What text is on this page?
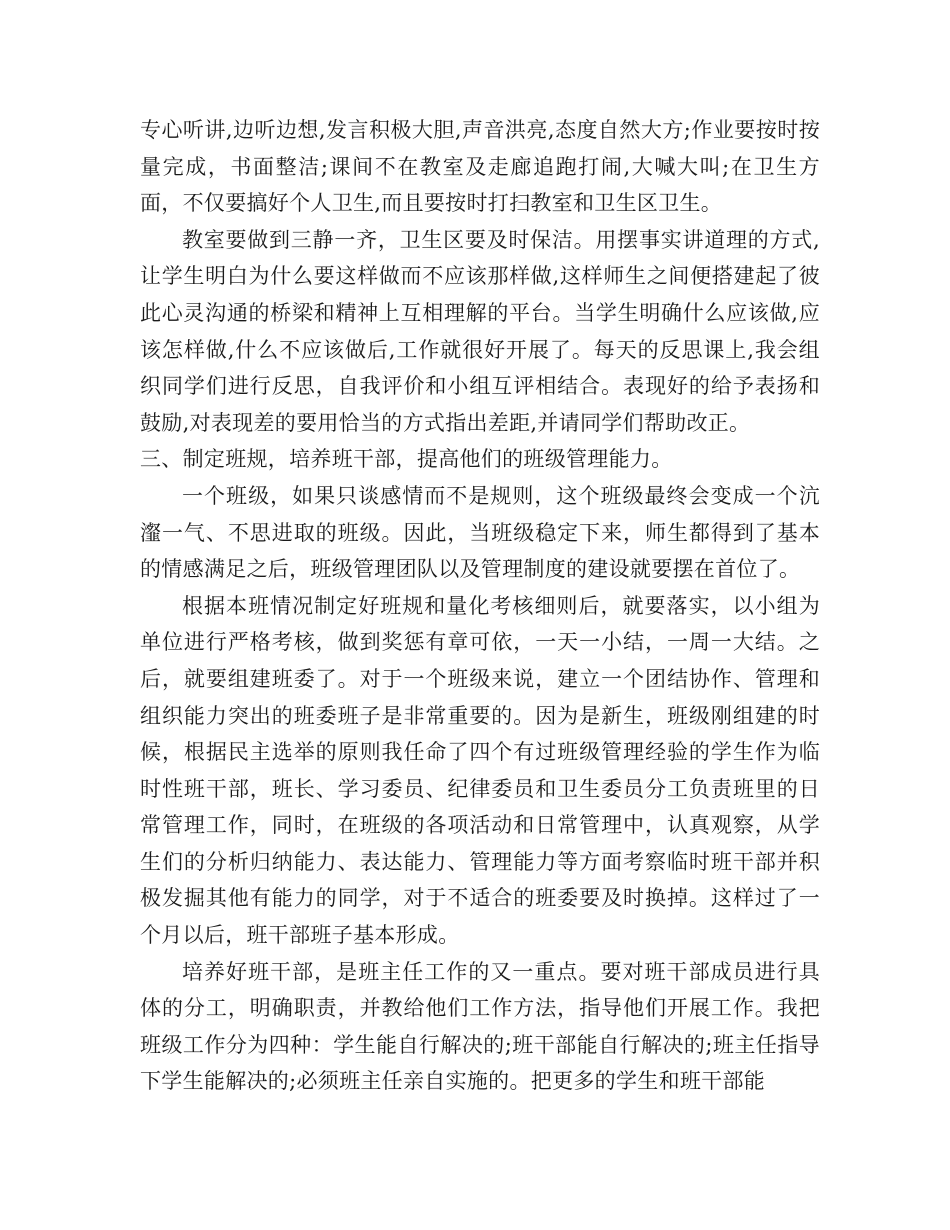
专心听讲,边听边想,发言积极大胆,声音洪亮,态度自然大方;作业要按时按量完成，书面整洁;课间不在教室及走廊追跑打闹,大喊大叫;在卫生方面，不仅要搞好个人卫生,而且要按时打扫教室和卫生区卫生。

教室要做到三静一齐，卫生区要及时保洁。用摆事实讲道理的方式,让学生明白为什么要这样做而不应该那样做,这样师生之间便搭建起了彼此心灵沟通的桥梁和精神上互相理解的平台。当学生明确什么应该做,应该怎样做,什么不应该做后,工作就很好开展了。每天的反思课上,我会组织同学们进行反思，自我评价和小组互评相结合。表现好的给予表扬和鼓励,对表现差的要用恰当的方式指出差距,并请同学们帮助改正。

三、制定班规，培养班干部，提高他们的班级管理能力。

一个班级，如果只谈感情而不是规则，这个班级最终会变成一个沆瀣一气、不思进取的班级。因此，当班级稳定下来，师生都得到了基本的情感满足之后，班级管理团队以及管理制度的建设就要摆在首位了。

根据本班情况制定好班规和量化考核细则后，就要落实，以小组为单位进行严格考核，做到奖惩有章可依，一天一小结，一周一大结。之后，就要组建班委了。对于一个班级来说，建立一个团结协作、管理和组织能力突出的班委班子是非常重要的。因为是新生，班级刚组建的时候，根据民主选举的原则我任命了四个有过班级管理经验的学生作为临时性班干部，班长、学习委员、纪律委员和卫生委员分工负责班里的日常管理工作，同时，在班级的各项活动和日常管理中，认真观察，从学生们的分析归纳能力、表达能力、管理能力等方面考察临时班干部并积极发掘其他有能力的同学，对于不适合的班委要及时换掉。这样过了一个月以后，班干部班子基本形成。

培养好班干部，是班主任工作的又一重点。要对班干部成员进行具体的分工，明确职责，并教给他们工作方法，指导他们开展工作。我把班级工作分为四种：学生能自行解决的;班干部能自行解决的;班主任指导下学生能解决的;必须班主任亲自实施的。把更多的学生和班干部能
